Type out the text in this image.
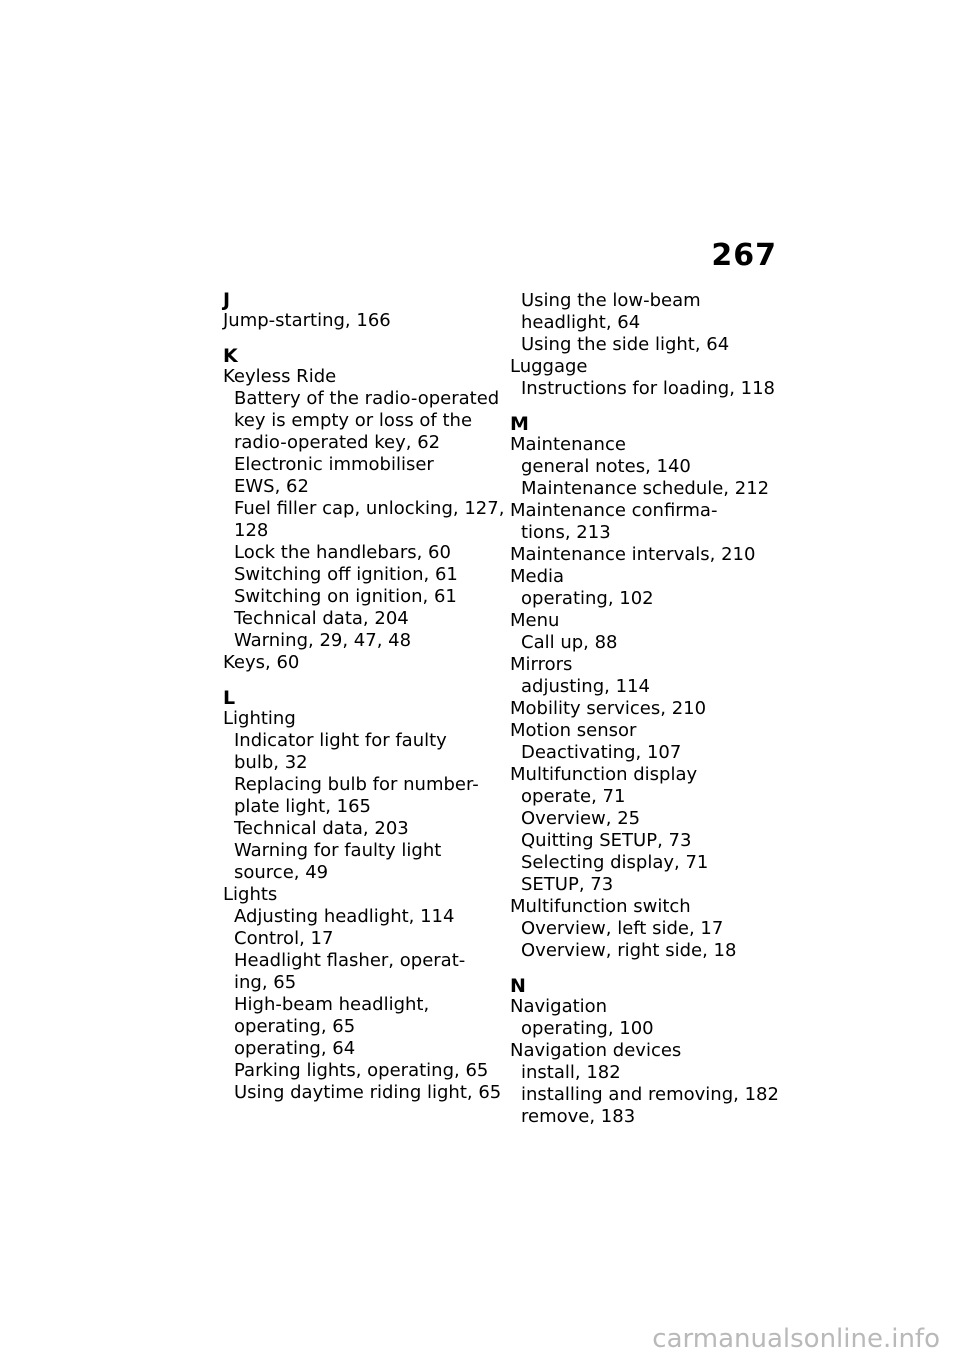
267
J
Jump-starting, 166
K
Keyless Ride
Battery of the radio-operated
key is empty or loss of the
radio-operated key, 62
Electronic immobiliser
EWS, 62
Fuel filler cap, unlocking, 127,
128
Lock the handlebars, 60
Switching off ignition, 61
Switching on ignition, 61
Technical data, 204
Warning, 29, 47, 48
Keys, 60
L
Lighting
Indicator light for faulty
bulb, 32
Replacing bulb for number-
plate light, 165
Technical data, 203
Warning for faulty light
source, 49
Lights
Adjusting headlight, 114
Control, 17
Headlight flasher, operat-
ing, 65
High-beam headlight,
operating, 65
operating, 64
Parking lights, operating, 65
Using daytime riding light, 65
Using the low-beam
headlight, 64
Using the side light, 64
Luggage
Instructions for loading, 118
M
Maintenance
general notes, 140
Maintenance schedule, 212
Maintenance confirma-
tions, 213
Maintenance intervals, 210
Media
operating, 102
Menu
Call up, 88
Mirrors
adjusting, 114
Mobility services, 210
Motion sensor
Deactivating, 107
Multifunction display
operate, 71
Overview, 25
Quitting SETUP, 73
Selecting display, 71
SETUP, 73
Multifunction switch
Overview, left side, 17
Overview, right side, 18
N
Navigation
operating, 100
Navigation devices
install, 182
installing and removing, 182
remove, 183
carmanualsonline.info
